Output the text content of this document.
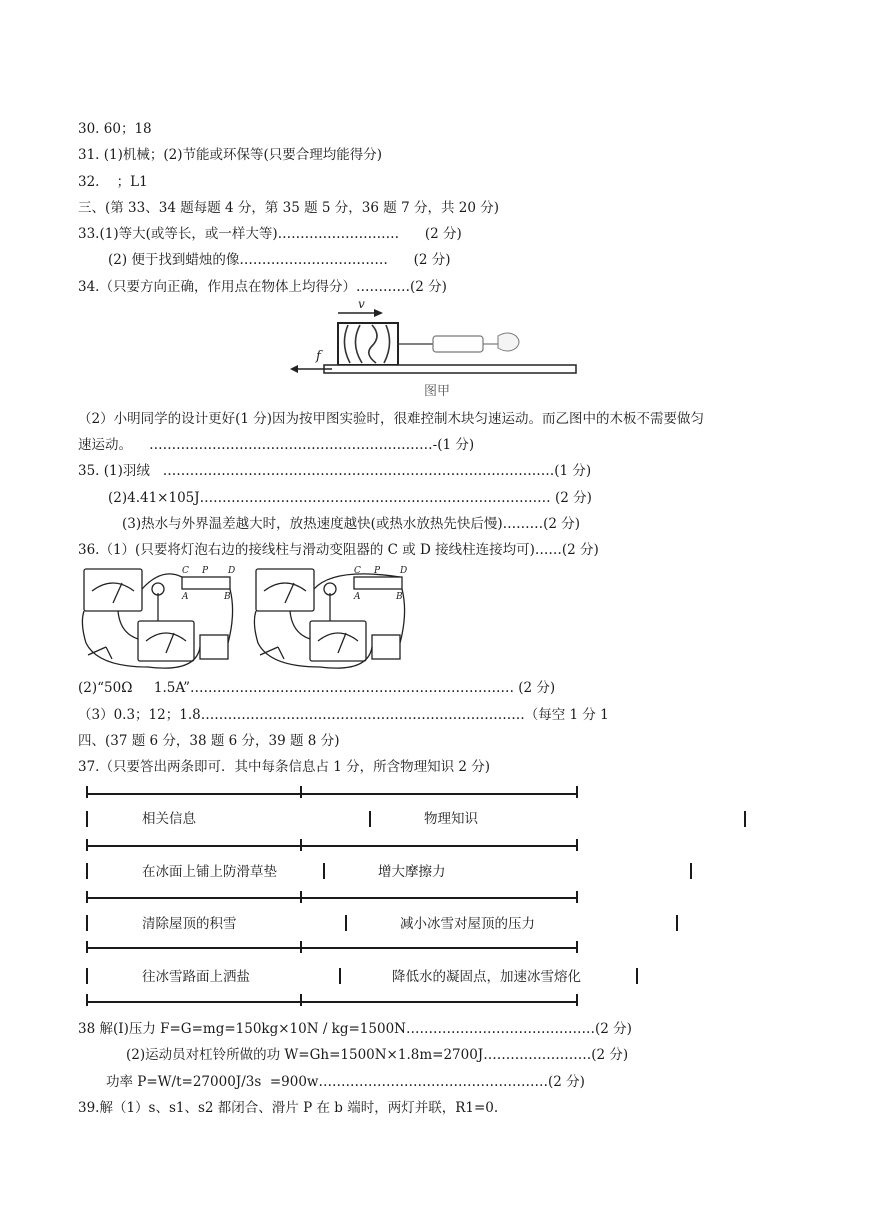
30. 60；18
31. (1)机械；(2)节能或环保等(只要合理均能得分)
32.    ；L1
三、(第 33、34 题每题 4 分，第 35 题 5 分，36 题 7 分，共 20 分)
33.(1)等大(或等长，或一样大等)………………………      (2 分)
(2) 便于找到蜡烛的像……………………………      (2 分)
34.（只要方向正确，作用点在物体上均得分）…………(2 分)
v
f
图甲
（2）小明同学的设计更好(1 分)因为按甲图实验时，很难控制木块匀速运动。而乙图中的木板不需要做匀
速运动。    ………………………………………………………-(1 分)
35. (1)羽绒   ……………………………………………………………………………(1 分)
(2)4.41×105J…………………………………………………………………… (2 分)
(3)热水与外界温差越大时，放热速度越快(或热水放热先快后慢)………(2 分)
36.（1）(只要将灯泡右边的接线柱与滑动变阻器的 C 或 D 接线柱连接均可)……(2 分)
C P D
A	B
C P D
A	B
(2)“50Ω     1.5A”……………………………………………………………… (2 分)
（3）0.3；12；1.8………………………………………………………………（每空 1 分 1
四、(37 题 6 分，38 题 6 分，39 题 8 分)
37.（只要答出两条即可．其中每条信息占 1 分，所含物理知识 2 分)
相关信息	物理知识
在冰面上铺上防滑草垫	增大摩擦力
清除屋顶的积雪	减小冰雪对屋顶的压力
往冰雪路面上洒盐	降低水的凝固点，加速冰雪熔化
38 解(I)压力 F=G=mg=150kg×10N / kg=1500N……………………………………(2 分)
(2)运动员对杠铃所做的功 W=Gh=1500N×1.8m=2700J……………………(2 分)
功率 P=W/t=27000J/3s  =900w……………………………………………(2 分)
39.解（1）s、s1、s2 都闭合、滑片 P 在 b 端时，两灯并联，R1=0.
